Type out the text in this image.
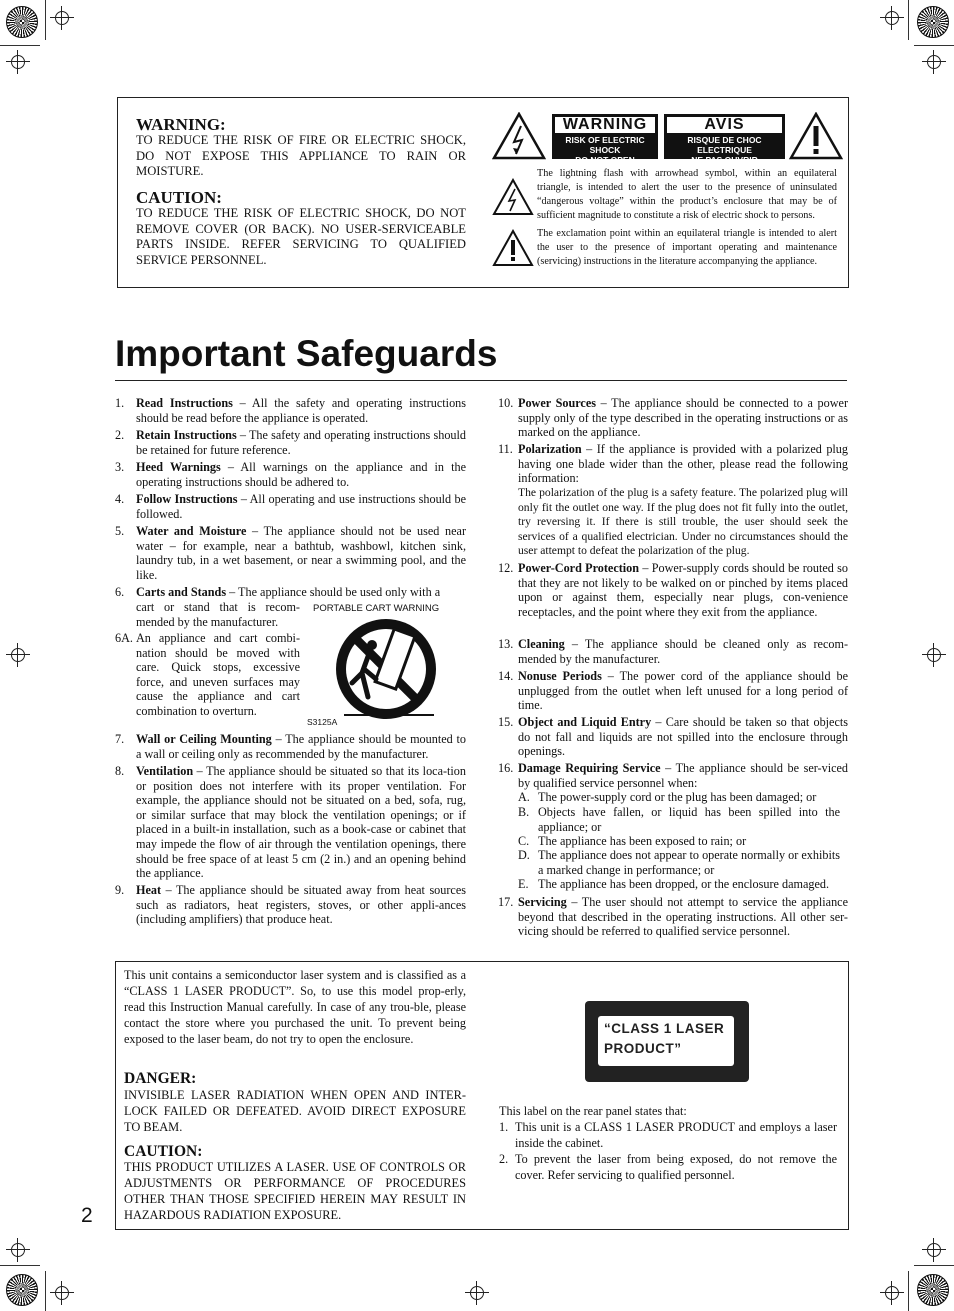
WARNING:
TO REDUCE THE RISK OF FIRE OR ELECTRIC SHOCK, DO NOT EXPOSE THIS APPLIANCE TO RAIN OR MOISTURE.
CAUTION:
TO REDUCE THE RISK OF ELECTRIC SHOCK, DO NOT REMOVE COVER (OR BACK). NO USER-SERVICEABLE PARTS INSIDE. REFER SERVICING TO QUALIFIED SERVICE PERSONNEL.
WARNING
RISK OF ELECTRIC SHOCK
DO NOT OPEN
AVIS
RISQUE DE CHOC ELECTRIQUE
NE PAS OUVRIR
The lightning flash with arrowhead symbol, within an equilateral triangle, is intended to alert the user to the presence of uninsulated “dangerous voltage” within the product’s enclosure that may be of sufficient magnitude to constitute a risk of electric shock to persons.
The exclamation point within an equilateral triangle is intended to alert the user to the presence of important operating and maintenance (servicing) instructions in the literature accompanying the appliance.
Important Safeguards
1. Read Instructions – All the safety and operating instructions should be read before the appliance is operated.
2. Retain Instructions – The safety and operating instructions should be retained for future reference.
3. Heed Warnings – All warnings on the appliance and in the operating instructions should be adhered to.
4. Follow Instructions – All operating and use instructions should be followed.
5. Water and Moisture – The appliance should not be used near water – for example, near a bathtub, washbowl, kitchen sink, laundry tub, in a wet basement, or near a swimming pool, and the like.
6. Carts and Stands – The appliance should be used only with a
cart or stand that is recom-mended by the manufacturer.
6A. An appliance and cart combi-nation should be moved with care. Quick stops, excessive force, and uneven surfaces may cause the appliance and cart combination to overturn.
PORTABLE CART WARNING
S3125A
7. Wall or Ceiling Mounting – The appliance should be mounted to a wall or ceiling only as recommended by the manufacturer.
8. Ventilation – The appliance should be situated so that its loca-tion or position does not interfere with its proper ventilation. For example, the appliance should not be situated on a bed, sofa, rug, or similar surface that may block the ventilation openings; or if placed in a built-in installation, such as a book-case or cabinet that may impede the flow of air through the ventilation openings, there should be free space of at least 5 cm (2 in.) and an opening behind the appliance.
9. Heat – The appliance should be situated away from heat sources such as radiators, heat registers, stoves, or other appli-ances (including amplifiers) that produce heat.
10. Power Sources – The appliance should be connected to a power supply only of the type described in the operating instructions or as marked on the appliance.
11. Polarization – If the appliance is provided with a polarized plug having one blade wider than the other, please read the following information:
The polarization of the plug is a safety feature. The polarized plug will only fit the outlet one way. If the plug does not fit fully into the outlet, try reversing it. If there is still trouble, the user should seek the services of a qualified electrician. Under no circumstances should the user attempt to defeat the polarization of the plug.
12. Power-Cord Protection – Power-supply cords should be routed so that they are not likely to be walked on or pinched by items placed upon or against them, especially near plugs, con-venience receptacles, and the point where they exit from the appliance.
13. Cleaning – The appliance should be cleaned only as recom-mended by the manufacturer.
14. Nonuse Periods – The power cord of the appliance should be unplugged from the outlet when left unused for a long period of time.
15. Object and Liquid Entry – Care should be taken so that objects do not fall and liquids are not spilled into the enclosure through openings.
16. Damage Requiring Service – The appliance should be ser-viced by qualified service personnel when:
A. The power-supply cord or the plug has been damaged; or
B. Objects have fallen, or liquid has been spilled into the appliance; or
C. The appliance has been exposed to rain; or
D. The appliance does not appear to operate normally or exhibits a marked change in performance; or
E. The appliance has been dropped, or the enclosure damaged.
17. Servicing – The user should not attempt to service the appliance beyond that described in the operating instructions. All other ser-vicing should be referred to qualified service personnel.
This unit contains a semiconductor laser system and is classified as a “CLASS 1 LASER PRODUCT”. So, to use this model prop-erly, read this Instruction Manual carefully. In case of any trou-ble, please contact the store where you purchased the unit. To prevent being exposed to the laser beam, do not try to open the enclosure.
DANGER:
INVISIBLE LASER RADIATION WHEN OPEN AND INTER-LOCK FAILED OR DEFEATED. AVOID DIRECT EXPOSURE TO BEAM.
CAUTION:
THIS PRODUCT UTILIZES A LASER. USE OF CONTROLS OR ADJUSTMENTS OR PERFORMANCE OF PROCEDURES OTHER THAN THOSE SPECIFIED HEREIN MAY RESULT IN HAZARDOUS RADIATION EXPOSURE.
“CLASS 1 LASER
PRODUCT”
This label on the rear panel states that:
1. This unit is a CLASS 1 LASER PRODUCT and employs a laser inside the cabinet.
2. To prevent the laser from being exposed, do not remove the cover. Refer servicing to qualified personnel.
2
